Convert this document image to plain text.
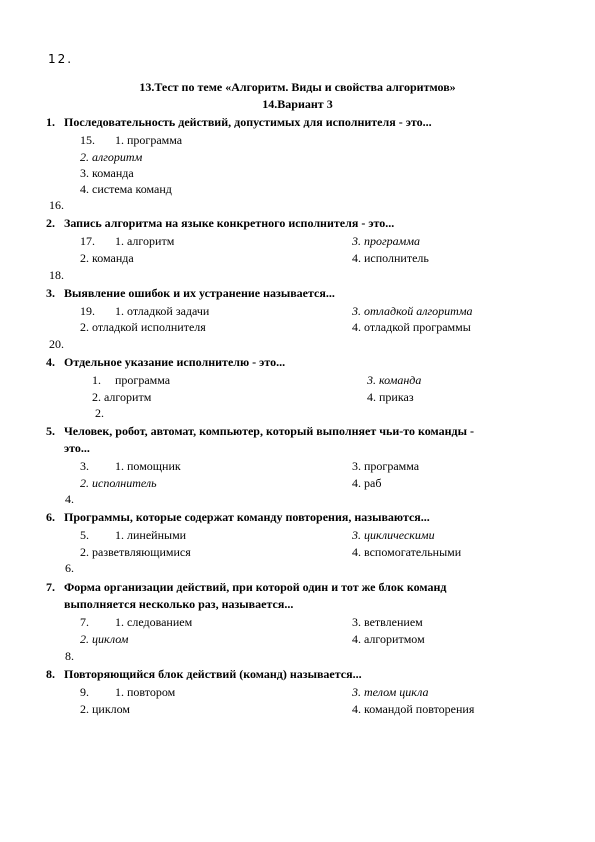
12.
13.Тест по теме «Алгоритм. Виды и свойства алгоритмов»
14.Вариант 3
1. Последовательность действий, допустимых для исполнителя - это...
15. 1. программа
2. алгоритм
3. команда
4. система команд
16.
2. Запись алгоритма на языке конкретного исполнителя - это...
17. 1. алгоритм	3. программа
2. команда	4. исполнитель
18.
3. Выявление ошибок и их устранение называется...
19. 1. отладкой задачи	3. отладкой алгоритма
2. отладкой исполнителя	4. отладкой программы
20.
4. Отдельное указание исполнителю - это...
1. программа	3. команда
2. алгоритм	4. приказ
2.
5. Человек, робот, автомат, компьютер, который выполняет чьи-то команды -
это...
3. 1. помощник	3. программа
2. исполнитель	4. раб
4.
6. Программы, которые содержат команду повторения, называются...
5. 1. линейными	3. циклическими
2. разветвляющимися	4. вспомогательными
6.
7. Форма организации действий, при которой один и тот же блок команд
выполняется несколько раз, называется...
7. 1. следованием	3. ветвлением
2. циклом	4. алгоритмом
8.
8. Повторяющийся блок действий (команд) называется...
9. 1. повтором	3. телом цикла
2. циклом	4. командой повторения
